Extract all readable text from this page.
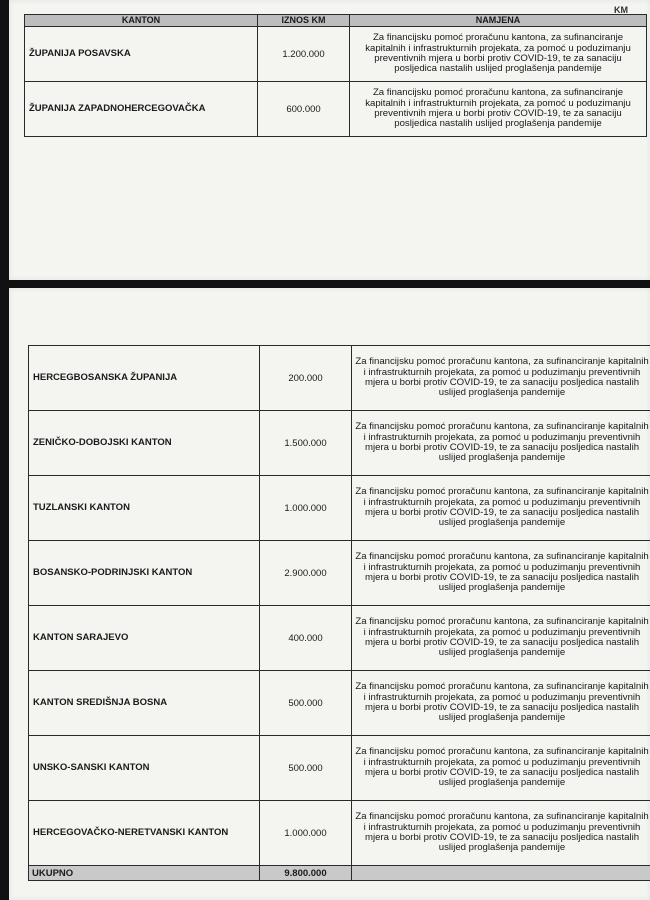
KM
KANTON	IZNOS KM	NAMJENA
ŽUPANIJA POSAVSKA	1.200.000	Za financijsku pomoć proračunu kantona, za sufinanciranje kapitalnih i infrastrukturnih projekata, za pomoć u poduzimanju preventivnih mjera u borbi protiv COVID-19, te za sanaciju posljedica nastalih uslijed proglašenja pandemije
ŽUPANIJA ZAPADNOHERCEGOVAČKA	600.000	Za financijsku pomoć proračunu kantona, za sufinanciranje kapitalnih i infrastrukturnih projekata, za pomoć u poduzimanju preventivnih mjera u borbi protiv COVID-19, te za sanaciju posljedica nastalih uslijed proglašenja pandemije
HERCEGBOSANSKA ŽUPANIJA	200.000	Za financijsku pomoć proračunu kantona, za sufinanciranje kapitalnih i infrastrukturnih projekata, za pomoć u poduzimanju preventivnih mjera u borbi protiv COVID-19, te za sanaciju posljedica nastalih uslijed proglašenja pandemije
ZENIČKO-DOBOJSKI KANTON	1.500.000	Za financijsku pomoć proračunu kantona, za sufinanciranje kapitalnih i infrastrukturnih projekata, za pomoć u poduzimanju preventivnih mjera u borbi protiv COVID-19, te za sanaciju posljedica nastalih uslijed proglašenja pandemije
TUZLANSKI KANTON	1.000.000	Za financijsku pomoć proračunu kantona, za sufinanciranje kapitalnih i infrastrukturnih projekata, za pomoć u poduzimanju preventivnih mjera u borbi protiv COVID-19, te za sanaciju posljedica nastalih uslijed proglašenja pandemije
BOSANSKO-PODRINJSKI KANTON	2.900.000	Za financijsku pomoć proračunu kantona, za sufinanciranje kapitalnih i infrastrukturnih projekata, za pomoć u poduzimanju preventivnih mjera u borbi protiv COVID-19, te za sanaciju posljedica nastalih uslijed proglašenja pandemije
KANTON SARAJEVO	400.000	Za financijsku pomoć proračunu kantona, za sufinanciranje kapitalnih i infrastrukturnih projekata, za pomoć u poduzimanju preventivnih mjera u borbi protiv COVID-19, te za sanaciju posljedica nastalih uslijed proglašenja pandemije
KANTON SREDIŠNJA BOSNA	500.000	Za financijsku pomoć proračunu kantona, za sufinanciranje kapitalnih i infrastrukturnih projekata, za pomoć u poduzimanju preventivnih mjera u borbi protiv COVID-19, te za sanaciju posljedica nastalih uslijed proglašenja pandemije
UNSKO-SANSKI KANTON	500.000	Za financijsku pomoć proračunu kantona, za sufinanciranje kapitalnih i infrastrukturnih projekata, za pomoć u poduzimanju preventivnih mjera u borbi protiv COVID-19, te za sanaciju posljedica nastalih uslijed proglašenja pandemije
HERCEGOVAČKO-NERETVANSKI KANTON	1.000.000	Za financijsku pomoć proračunu kantona, za sufinanciranje kapitalnih i infrastrukturnih projekata, za pomoć u poduzimanju preventivnih mjera u borbi protiv COVID-19, te za sanaciju posljedica nastalih uslijed proglašenja pandemije
UKUPNO	9.800.000	
